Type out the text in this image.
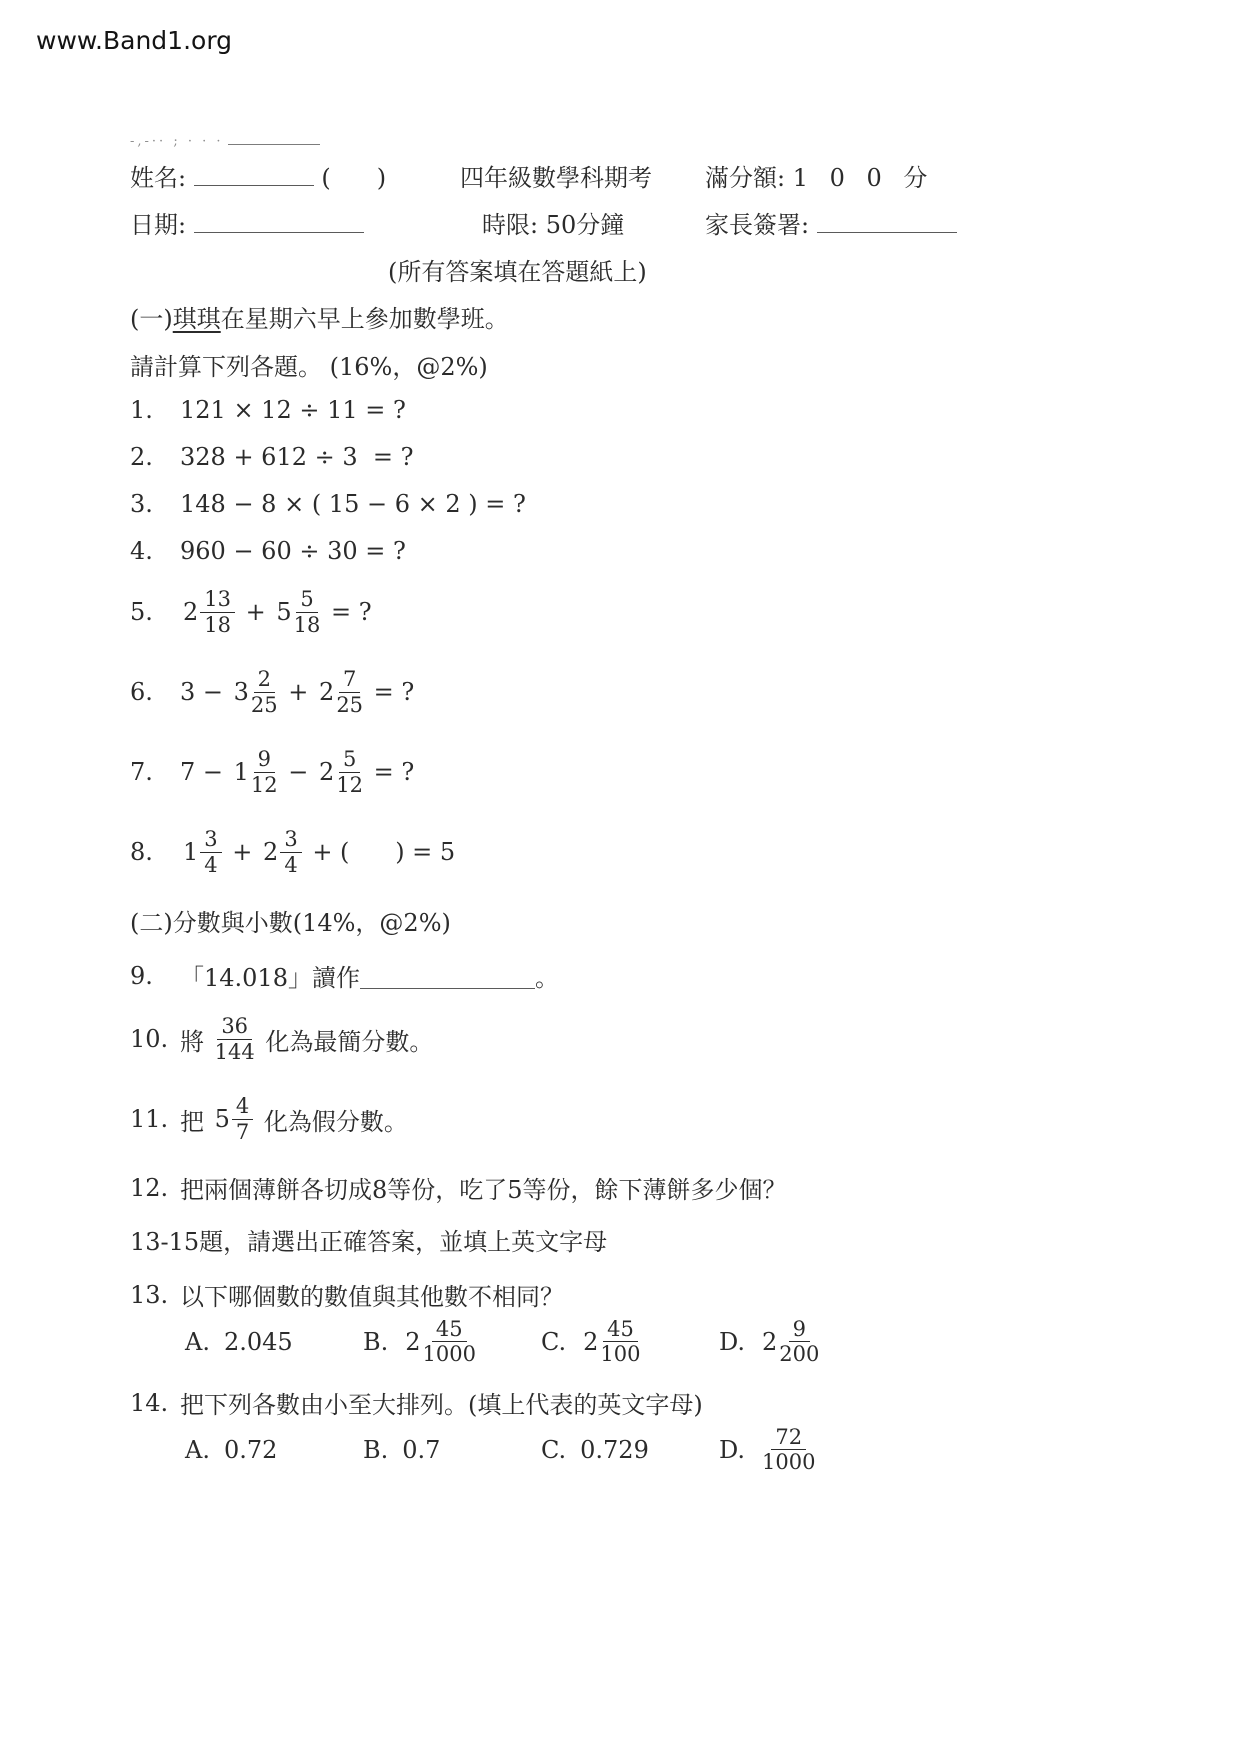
www.Band1.org
-,-·· ; · · ·
姓名:	( )	四年級數學科期考	滿分額: 1 0 0 分
日期:	時限: 50分鐘	家長簽署:
(所有答案填在答題紙上)
(一)琪琪在星期六早上參加數學班。
請計算下列各題。 (16%，@2%)
1.	121 × 12 ÷ 11 = ?
2.	328 + 612 ÷ 3  = ?
3.	148 − 8 × ( 15 − 6 × 2 ) = ?
4.	960 − 60 ÷ 30 = ?
5.	$2 \frac{13}{18} + 5 \frac{5}{18}$ = ?
6.	$3 - 3 \frac{2}{25} + 2 \frac{7}{25}$ = ?
7.	$7 - 1 \frac{9}{12} - 2 \frac{5}{12}$ = ?
8.	$1 \frac{3}{4} + 2 \frac{3}{4}$ + (      ) = 5
(二)分數與小數(14%，@2%)
9.	「14.018」讀作	。
10. 將 $\frac{36}{144}$ 化為最簡分數。
11. 把 $5 \frac{4}{7}$ 化為假分數。
12. 把兩個薄餅各切成8等份，吃了5等份，餘下薄餅多少個？
13-15題，請選出正確答案，並填上英文字母
13. 以下哪個數的數值與其他數不相同？
A. 2.045	B. $2 \frac{45}{1000}$	C. $2 \frac{45}{100}$	D. $2 \frac{9}{200}$
14. 把下列各數由小至大排列。(填上代表的英文字母)
A. 0.72	B. 0.7	C. 0.729	D. $\frac{72}{1000}$
